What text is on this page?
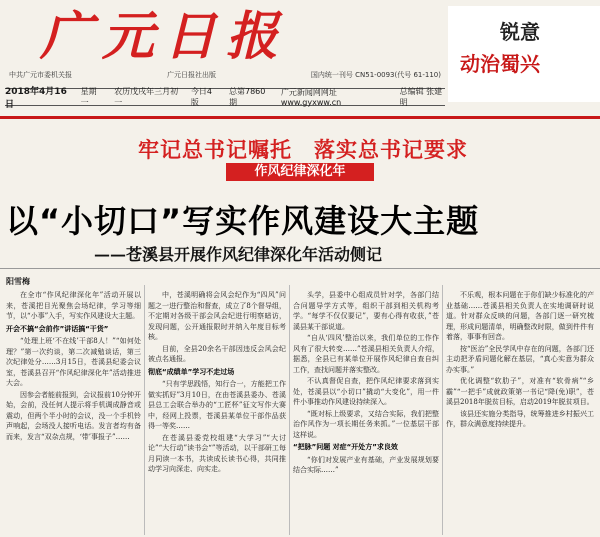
广元日报
中共广元市委机关报	广元日报社出版	国内统一刊号 CN51-0093(代号 61-110)
2018年4月16日
星期一
农历戊戌年三月初一
今日4版
总第7860期
广元新闻网网址 www.gyxww.cn
总编辑 张建明
锐意
动治蜀兴
牢记总书记嘱托　落实总书记要求
作风纪律深化年
以“小切口”写实作风建设大主题
——苍溪县开展作风纪律深化年活动侧记
阳雪梅

在全市“作风纪律深化年”活动开展以来，苍溪把目光聚焦会场纪律，学习等细节，以“小事”入手，写实作风建设大主题。

开会不搞“会前作”讲话搞“干货”

“处理上班‘不在线’干部8人！”“如何处理？”第一次约谈，第二次减勉谈话，第三次纪律处分……3月15日，苍溪县纪委会议室，苍溪县召开“作风纪律深化年”活动推进大会。

因参会者能前报到，会议报前10分钟开始，会前，没任何人提示将手机调成静音或震动，但两个半小时的会议，没一个手机铃声响起，会场没人接听电话。发言者均有备而来，发言“双杂点规，‘带’事报子”……

中，苍溪明确将会风会纪作为“四风”问题之一进行整治和督查，成立了8个督导组，不定期对各级干部会风会纪进行明察暗访，发现问题，公开通报限时并纳入年度目标考核。

目前，全县20余名干部因违反会风会纪被点名通报。

彻底“成绩单”学习不走过场

“只有学思践悟，知行合一，方能把工作做实抓好”3月10日，在由苍溪县委办、苍溪县总工会联合举办的“工匠杯”征文写作大赛中，经网上投票，苍溪县某单位干部作品获得一等奖……

在苍溪县委党校组建“大学习”“大讨论”“大行动”读书会“”等活动，以干部研工每月同读一本书，共读成长读书心得，共同推动学习向深走、向实走。

头学，县委中心组成员针对学，各部门结合问题导学方式等，组织干部到相关机构考学。“每学不仅仅要记”，要有心得有收获，”苍溪县某干部说道。

“自从‘四风’整治以来，我们单位的工作作风有了很大转变……”苍溪县相关负责人介绍，据悉，全县已有某单位开展作风纪律自查自纠工作，查找问题并落实整改。

不认真督促自查，把作风纪律要求落到实处，苍溪县以“小切口”撬动“大变化”，用一件件小事推动作风建设持续深入。

“既对标上级要求，又结合实际，我们把整治作风作为一项长期任务来抓。”一位基层干部这样说。

“把脉”问题 对症“开处方”求良效

“你们对发展产业有基础，产业发展规划要结合实际……”

不乐观，根本问题在于你们缺少标准化的产业基础……苍溪县相关负责人在实地调研时说道。针对群众反映的问题，各部门逐一研究梳理，形成问题清单，明确整改时限，做到件件有着落，事事有回音。

按“医治”全民学风中存在的问题，各部门还主动把矛盾问题化解在基层，“真心实意为群众办实事。”

优化调整“软肋子”，对准有“软骨病”“乡霸”“一把手”成就政策第一书记“降(免)职”，苍溪县2018年脱贫目标，启动2019年脱贫项目。

该县还实施分类指导，统筹推进乡村振兴工作，群众满意度持续提升。
